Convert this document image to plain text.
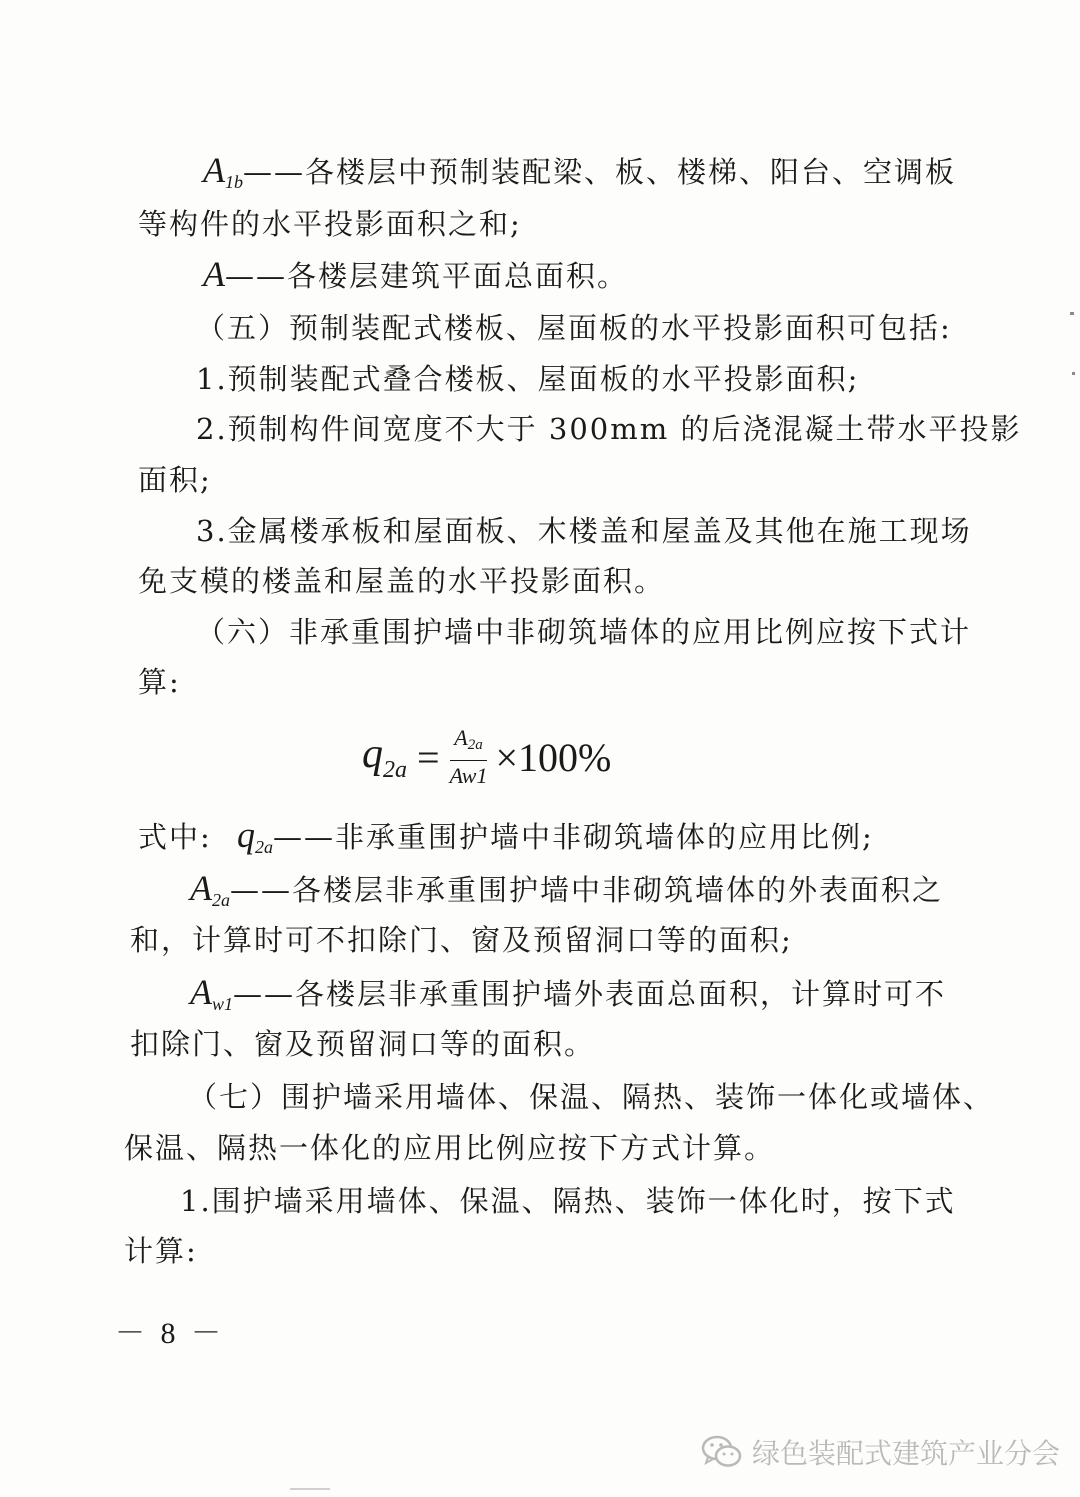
$A_{1b}——$各楼层中预制装配梁、板、楼梯、阳台、空调板
等构件的水平投影面积之和;
A——各楼层建筑平面总面积。
（五）预制装配式楼板、屋面板的水平投影面积可包括:
1.预制装配式叠合楼板、屋面板的水平投影面积;
2.预制构件间宽度不大于 300mm 的后浇混凝土带水平投影
面积;
3.金属楼承板和屋面板、木楼盖和屋盖及其他在施工现场
免支模的楼盖和屋盖的水平投影面积。
（六）非承重围护墙中非砌筑墙体的应用比例应按下式计
算:
$q_{2a} = \frac{A2a}{Aw1} \times 100\%$
式中: $q_{2a}——$非承重围护墙中非砌筑墙体的应用比例;
$A_{2a}——$各楼层非承重围护墙中非砌筑墙体的外表面积之
和，计算时可不扣除门、窗及预留洞口等的面积;
$A_{w1}——$各楼层非承重围护墙外表面总面积，计算时可不
扣除门、窗及预留洞口等的面积。
（七）围护墙采用墙体、保温、隔热、装饰一体化或墙体、
保温、隔热一体化的应用比例应按下方式计算。
1.围护墙采用墙体、保温、隔热、装饰一体化时，按下式
计算:
－ 8 －
绿色装配式建筑产业分会
